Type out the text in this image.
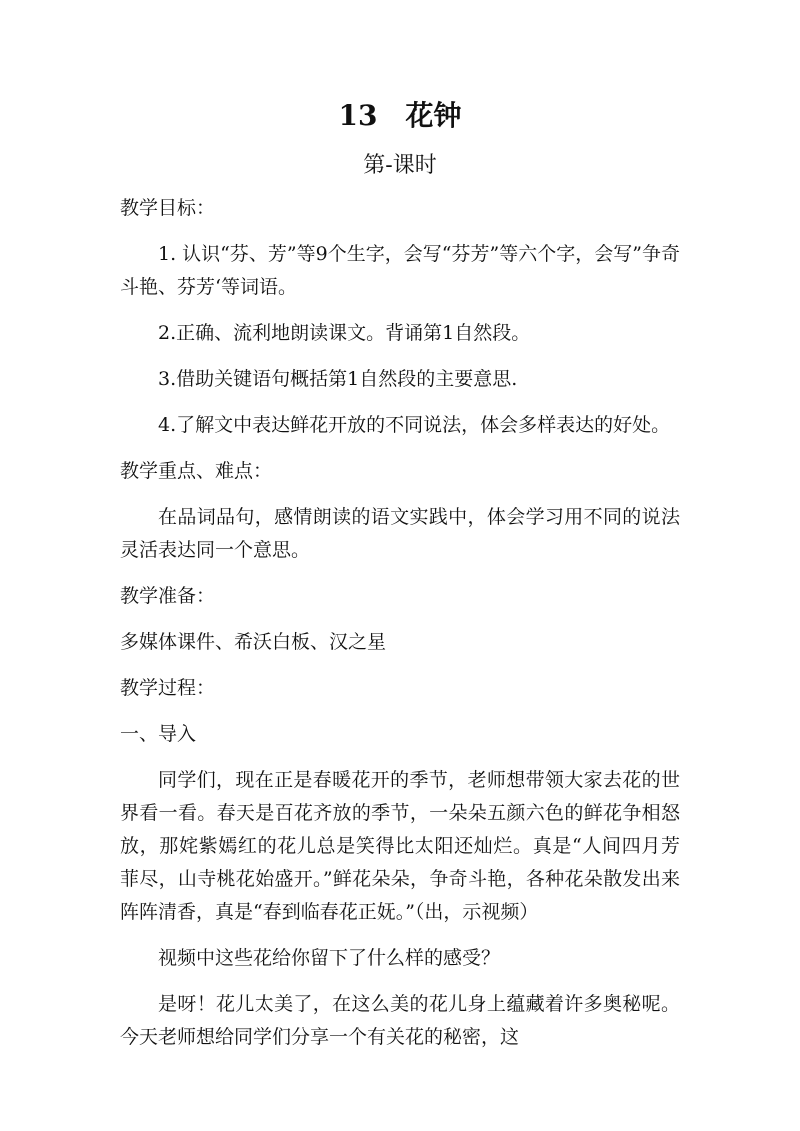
13　花钟
第-课时
教学目标：
1. 认识“芬、芳”等9个生字，会写“芬芳”等六个字，会写”争奇斗艳、芬芳‘等词语。
2.正确、流利地朗读课文。背诵第1自然段。
3.借助关键语句概括第1自然段的主要意思.
4.了解文中表达鲜花开放的不同说法，体会多样表达的好处。
教学重点、难点：
在品词品句，感情朗读的语文实践中，体会学习用不同的说法灵活表达同一个意思。
教学准备：
多媒体课件、希沃白板、汉之星
教学过程：
一、导入
同学们，现在正是春暖花开的季节，老师想带领大家去花的世界看一看。春天是百花齐放的季节，一朵朵五颜六色的鲜花争相怒放，那姹紫嫣红的花儿总是笑得比太阳还灿烂。真是“人间四月芳菲尽，山寺桃花始盛开。”鲜花朵朵，争奇斗艳，各种花朵散发出来阵阵清香，真是“春到临春花正妩。”（出，示视频）
视频中这些花给你留下了什么样的感受？
是呀！花儿太美了，在这么美的花儿身上蕴藏着许多奥秘呢。今天老师想给同学们分享一个有关花的秘密，这
